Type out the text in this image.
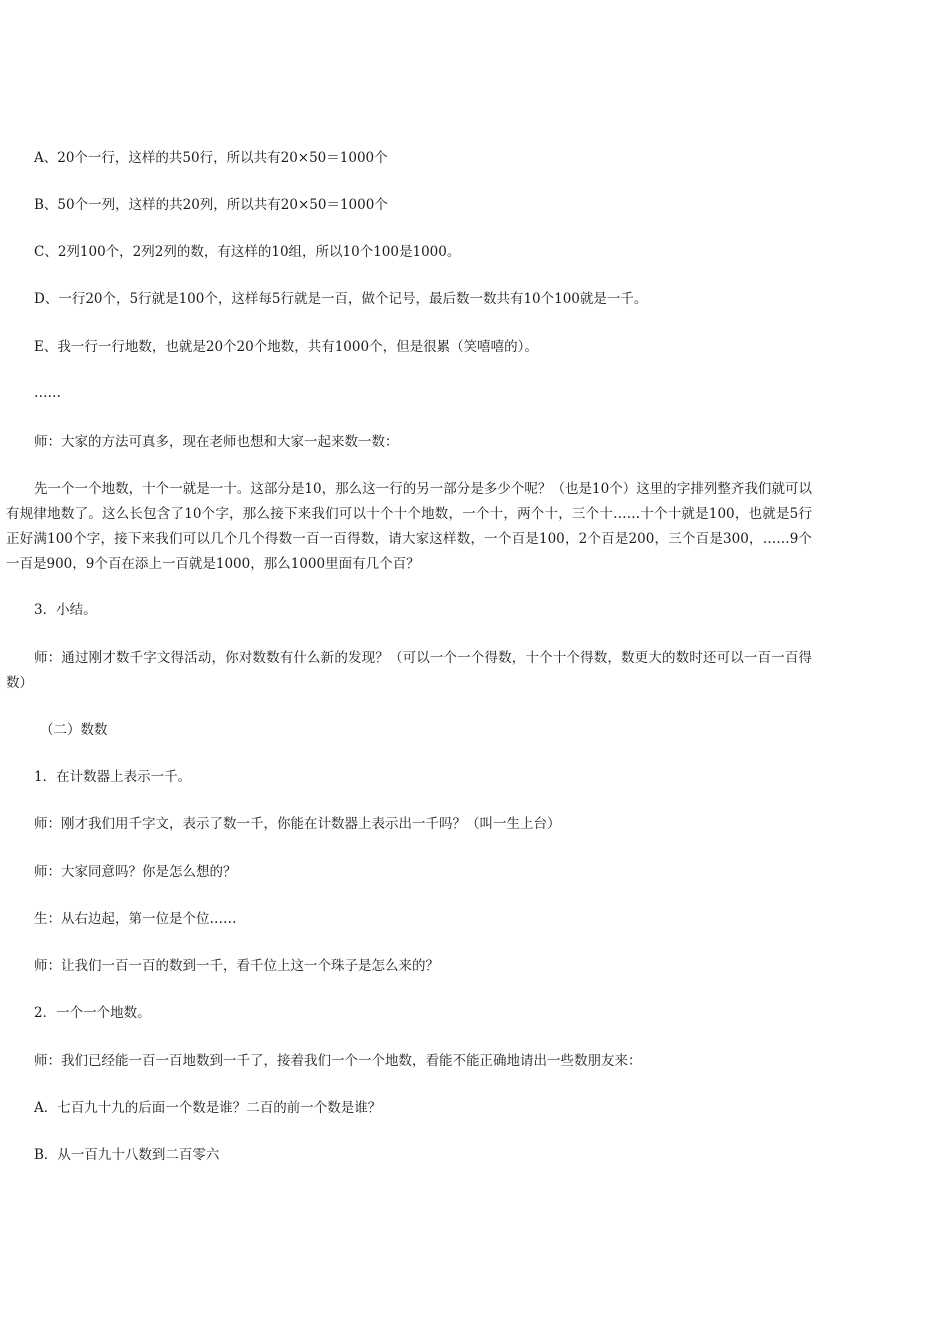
A、20个一行，这样的共50行，所以共有20×50＝1000个
B、50个一列，这样的共20列，所以共有20×50＝1000个
C、2列100个，2列2列的数，有这样的10组，所以10个100是1000。
D、一行20个，5行就是100个，这样每5行就是一百，做个记号，最后数一数共有10个100就是一千。
E、我一行一行地数，也就是20个20个地数，共有1000个，但是很累（笑嘻嘻的）。
……
师：大家的方法可真多，现在老师也想和大家一起来数一数：
先一个一个地数，十个一就是一十。这部分是10，那么这一行的另一部分是多少个呢？（也是10个）这里的字排列整齐我们就可以有规律地数了。这么长包含了10个字，那么接下来我们可以十个十个地数，一个十，两个十，三个十……十个十就是100，也就是5行正好满100个字，接下来我们可以几个几个得数一百一百得数，请大家这样数，一个百是100，2个百是200，三个百是300，……9个一百是900，9个百在添上一百就是1000，那么1000里面有几个百？
3．小结。
师：通过刚才数千字文得活动，你对数数有什么新的发现？（可以一个一个得数，十个十个得数，数更大的数时还可以一百一百得数）
（二）数数
1．在计数器上表示一千。
师：刚才我们用千字文，表示了数一千，你能在计数器上表示出一千吗？（叫一生上台）
师：大家同意吗？你是怎么想的？
生：从右边起，第一位是个位……
师：让我们一百一百的数到一千，看千位上这一个珠子是怎么来的？
2．一个一个地数。
师：我们已经能一百一百地数到一千了，接着我们一个一个地数，看能不能正确地请出一些数朋友来：
A．七百九十九的后面一个数是谁？二百的前一个数是谁？
B．从一百九十八数到二百零六
